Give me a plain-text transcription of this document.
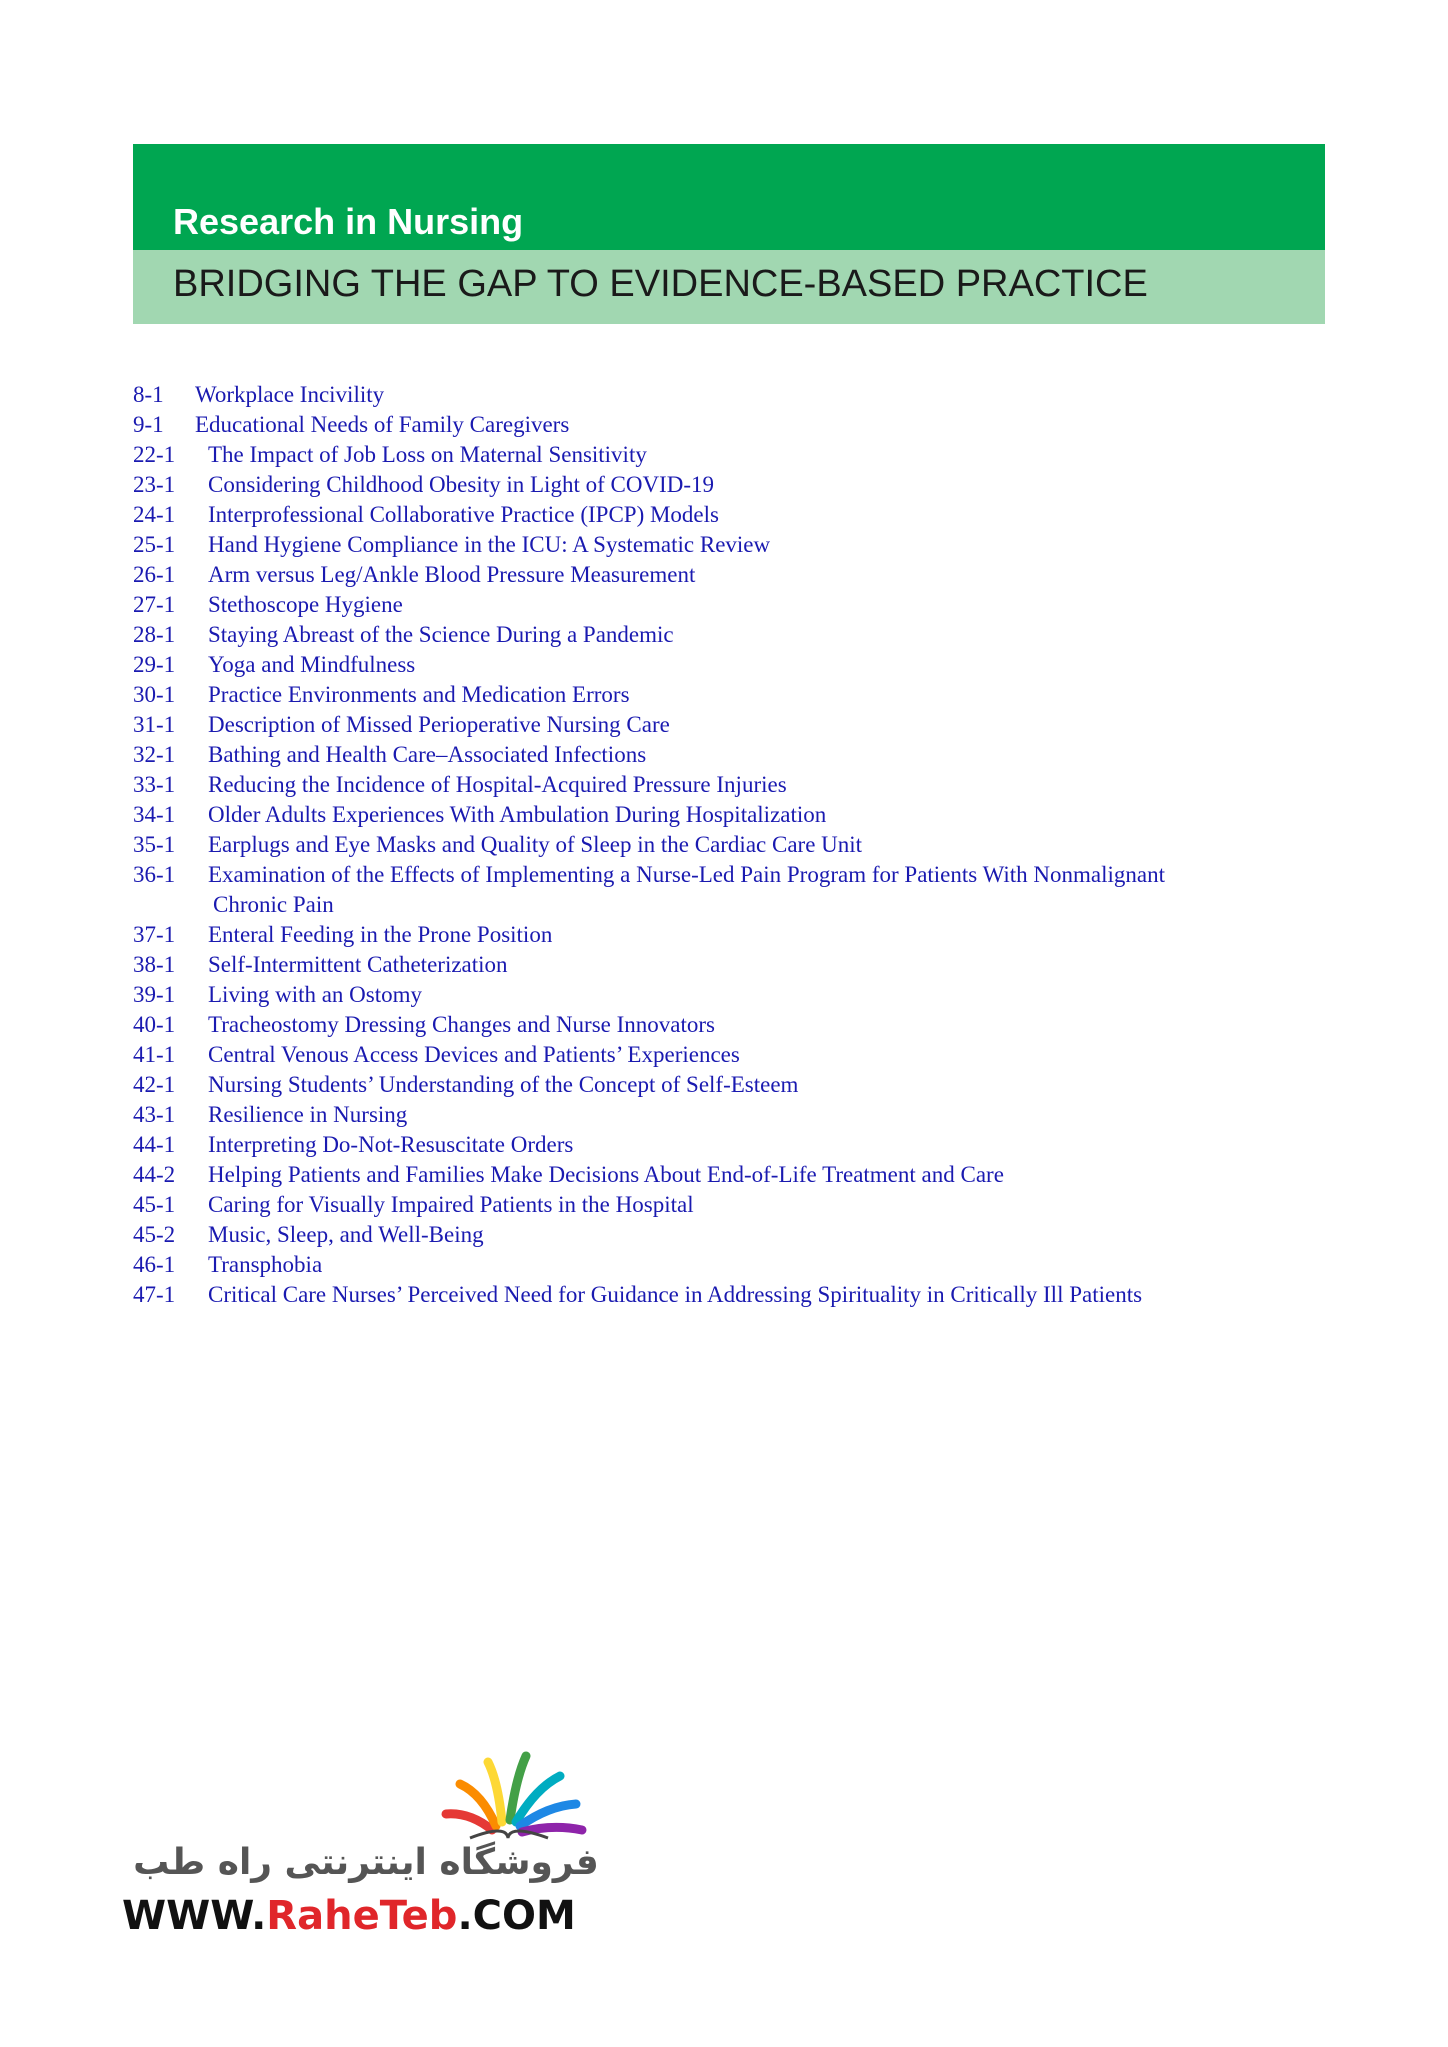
Research in Nursing
BRIDGING THE GAP TO EVIDENCE-BASED PRACTICE
8-1	Workplace Incivility
9-1	Educational Needs of Family Caregivers
22-1	The Impact of Job Loss on Maternal Sensitivity
23-1	Considering Childhood Obesity in Light of COVID-19
24-1	Interprofessional Collaborative Practice (IPCP) Models
25-1	Hand Hygiene Compliance in the ICU: A Systematic Review
26-1	Arm versus Leg/Ankle Blood Pressure Measurement
27-1	Stethoscope Hygiene
28-1	Staying Abreast of the Science During a Pandemic
29-1	Yoga and Mindfulness
30-1	Practice Environments and Medication Errors
31-1	Description of Missed Perioperative Nursing Care
32-1	Bathing and Health Care–Associated Infections
33-1	Reducing the Incidence of Hospital-Acquired Pressure Injuries
34-1	Older Adults Experiences With Ambulation During Hospitalization
35-1	Earplugs and Eye Masks and Quality of Sleep in the Cardiac Care Unit
36-1	Examination of the Effects of Implementing a Nurse-Led Pain Program for Patients With Nonmalignant
Chronic Pain
37-1	Enteral Feeding in the Prone Position
38-1	Self-Intermittent Catheterization
39-1	Living with an Ostomy
40-1	Tracheostomy Dressing Changes and Nurse Innovators
41-1	Central Venous Access Devices and Patients’ Experiences
42-1	Nursing Students’ Understanding of the Concept of Self-Esteem
43-1	Resilience in Nursing
44-1	Interpreting Do-Not-Resuscitate Orders
44-2	Helping Patients and Families Make Decisions About End-of-Life Treatment and Care
45-1	Caring for Visually Impaired Patients in the Hospital
45-2	Music, Sleep, and Well-Being
46-1	Transphobia
47-1	Critical Care Nurses’ Perceived Need for Guidance in Addressing Spirituality in Critically Ill Patients
فروشگاه اینترنتی راه طب
WWW.RaheTeb.COM
